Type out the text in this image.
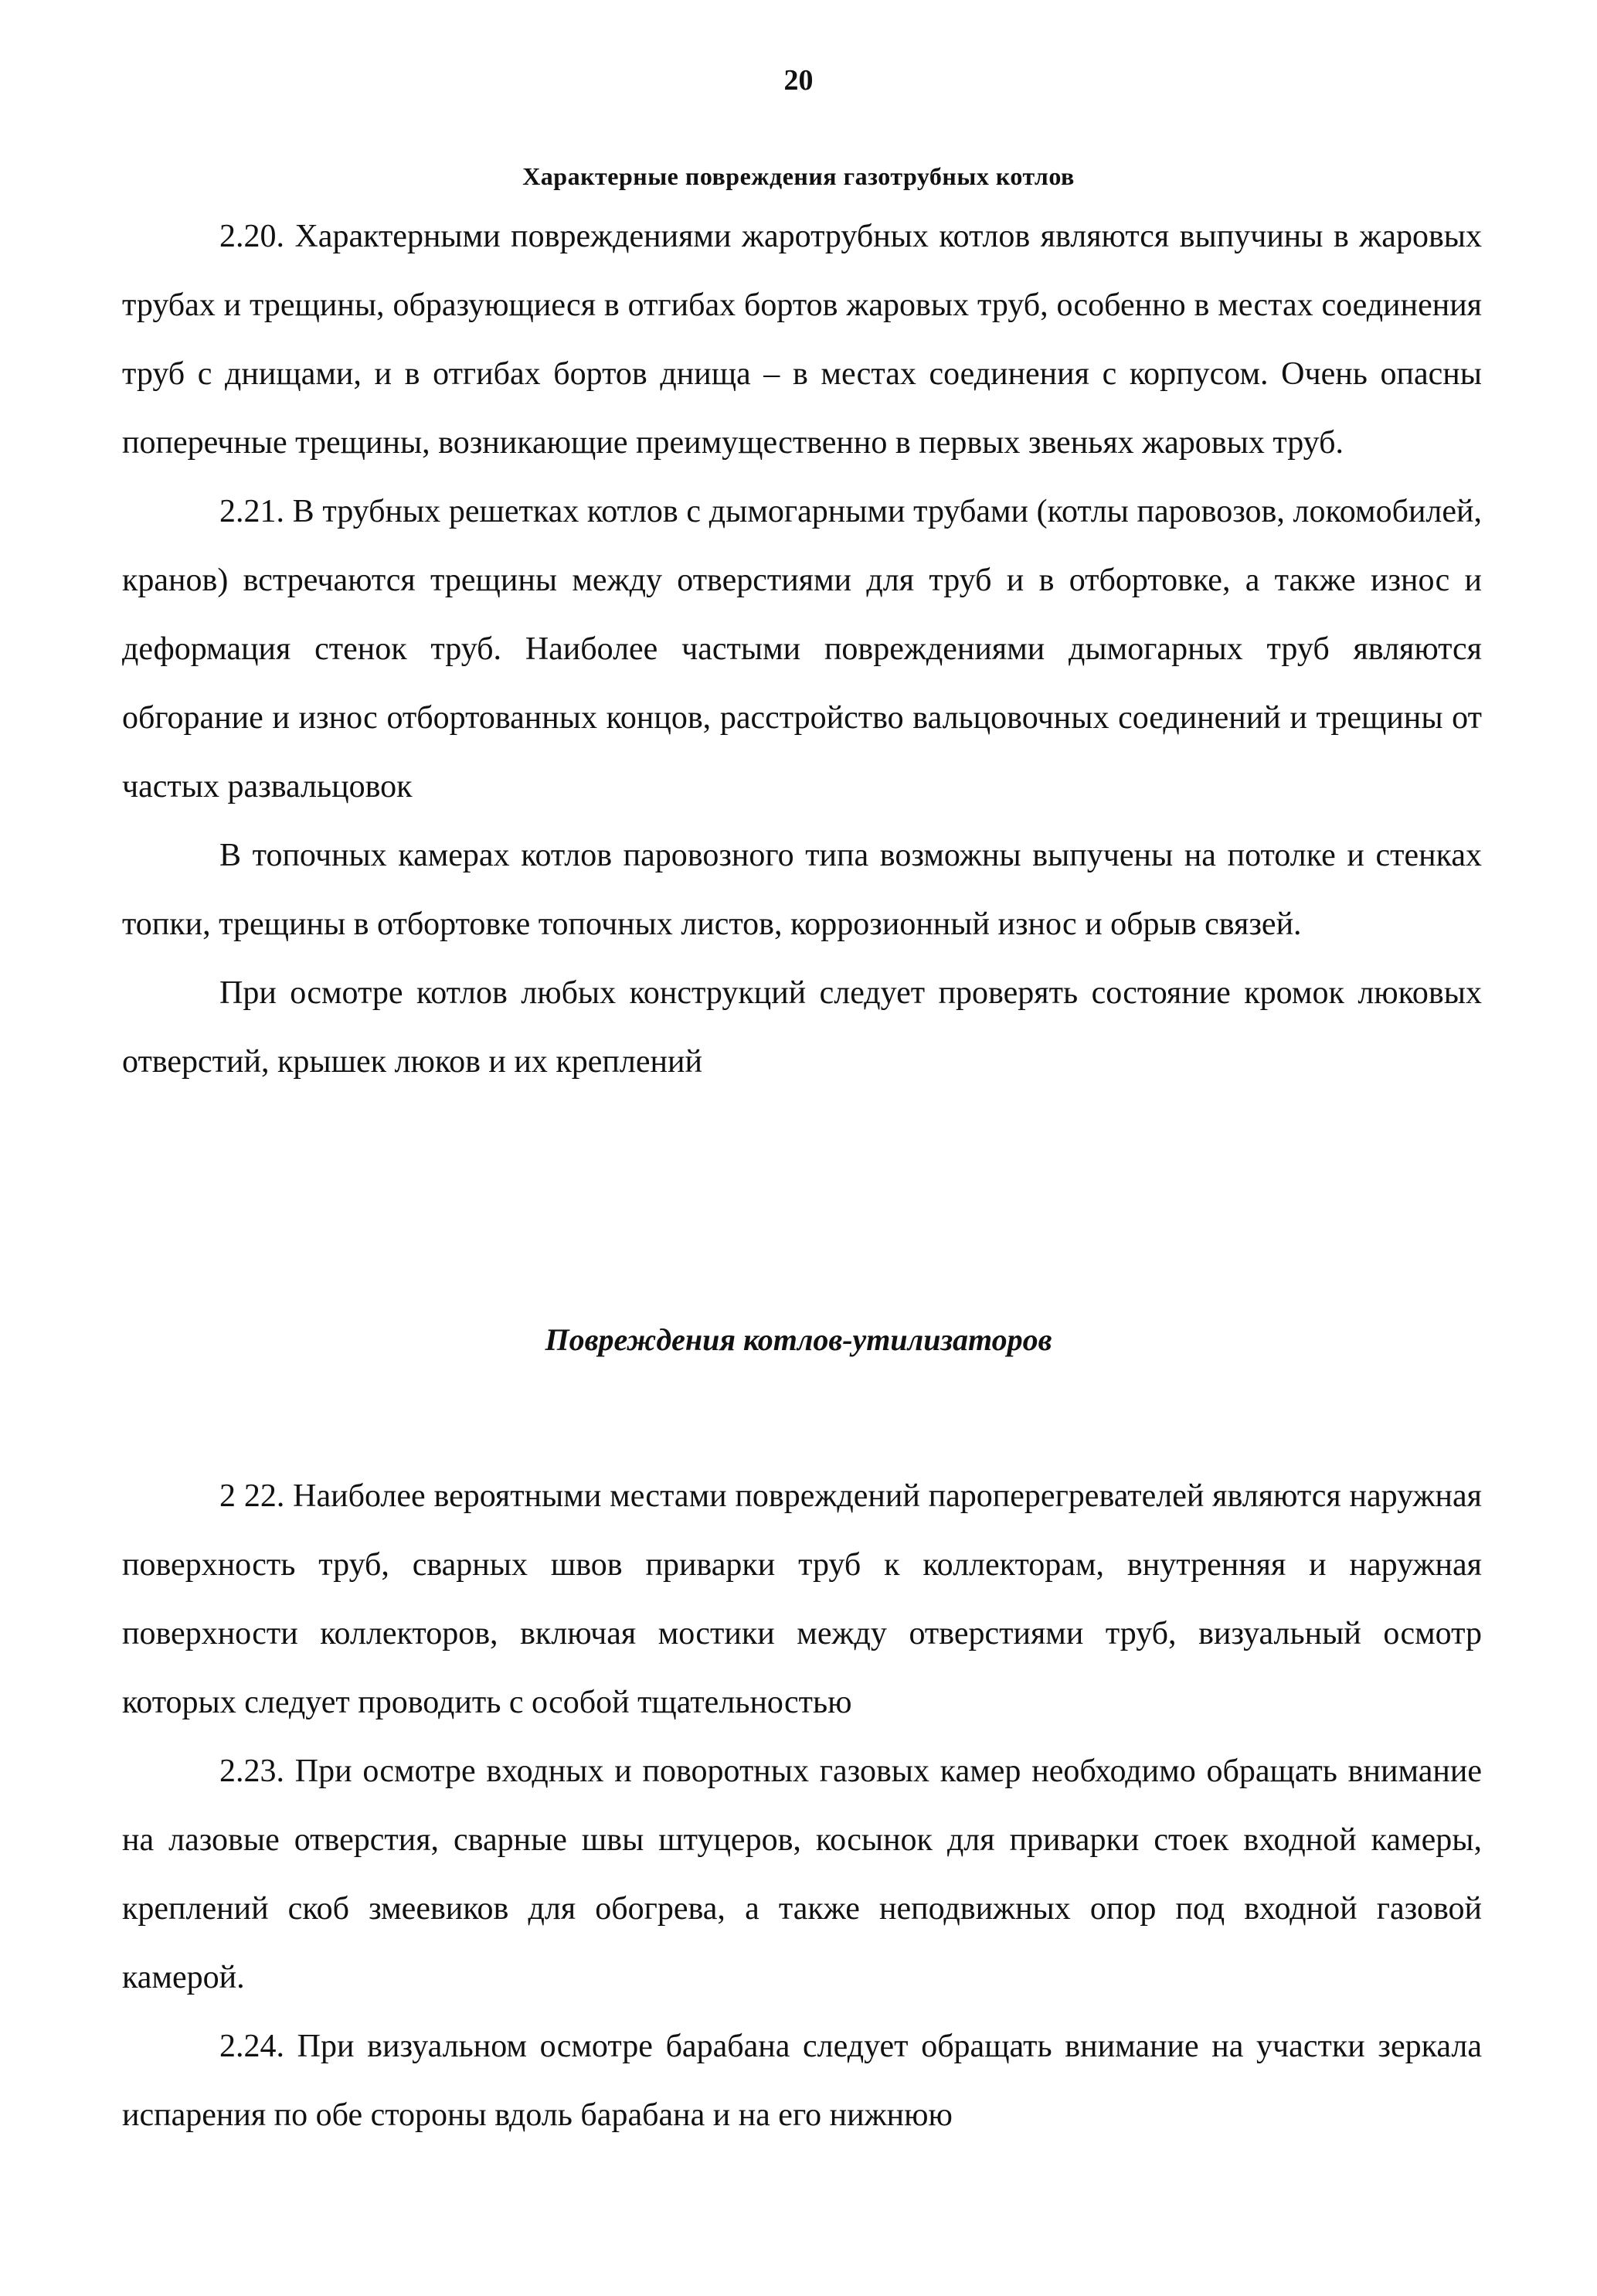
20
Характерные повреждения газотрубных котлов

2.20. Характерными повреждениями жаротрубных котлов являются выпучины в жаровых трубах и трещины, образующиеся в отгибах бортов жаровых труб, особенно в местах соединения труб с днищами, и в отгибах бортов днища – в местах соединения с корпусом. Очень опасны поперечные трещины, возникающие преимущественно в первых звеньях жаровых труб.

2.21. В трубных решетках котлов с дымогарными трубами (котлы паровозов, локомобилей, кранов) встречаются трещины между отверстиями для труб и в отбортовке, а также износ и деформация стенок труб. Наиболее частыми повреждениями дымогарных труб являются обгорание и износ отбортованных концов, расстройство вальцовочных соединений и трещины от частых развальцовок

В топочных камерах котлов паровозного типа возможны выпучены на потолке и стенках топки, трещины в отбортовке топочных листов, коррозионный износ и обрыв связей.

При осмотре котлов любых конструкций следует проверять состояние кромок люковых отверстий, крышек люков и их креплений

Повреждения котлов-утилизаторов

2 22. Наиболее вероятными местами повреждений пароперегревателей являются наружная поверхность труб, сварных швов приварки труб к коллекторам, внутренняя и наружная поверхности коллекторов, включая мостики между отверстиями труб, визуальный осмотр которых следует проводить с особой тщательностью

2.23. При осмотре входных и поворотных газовых камер необходимо обращать внимание на лазовые отверстия, сварные швы штуцеров, косынок для приварки стоек входной камеры, креплений скоб змеевиков для обогрева, а также неподвижных опор под входной газовой камерой.

2.24. При визуальном осмотре барабана следует обращать внимание на участки зеркала испарения по обе стороны вдоль барабана и на его нижнюю
